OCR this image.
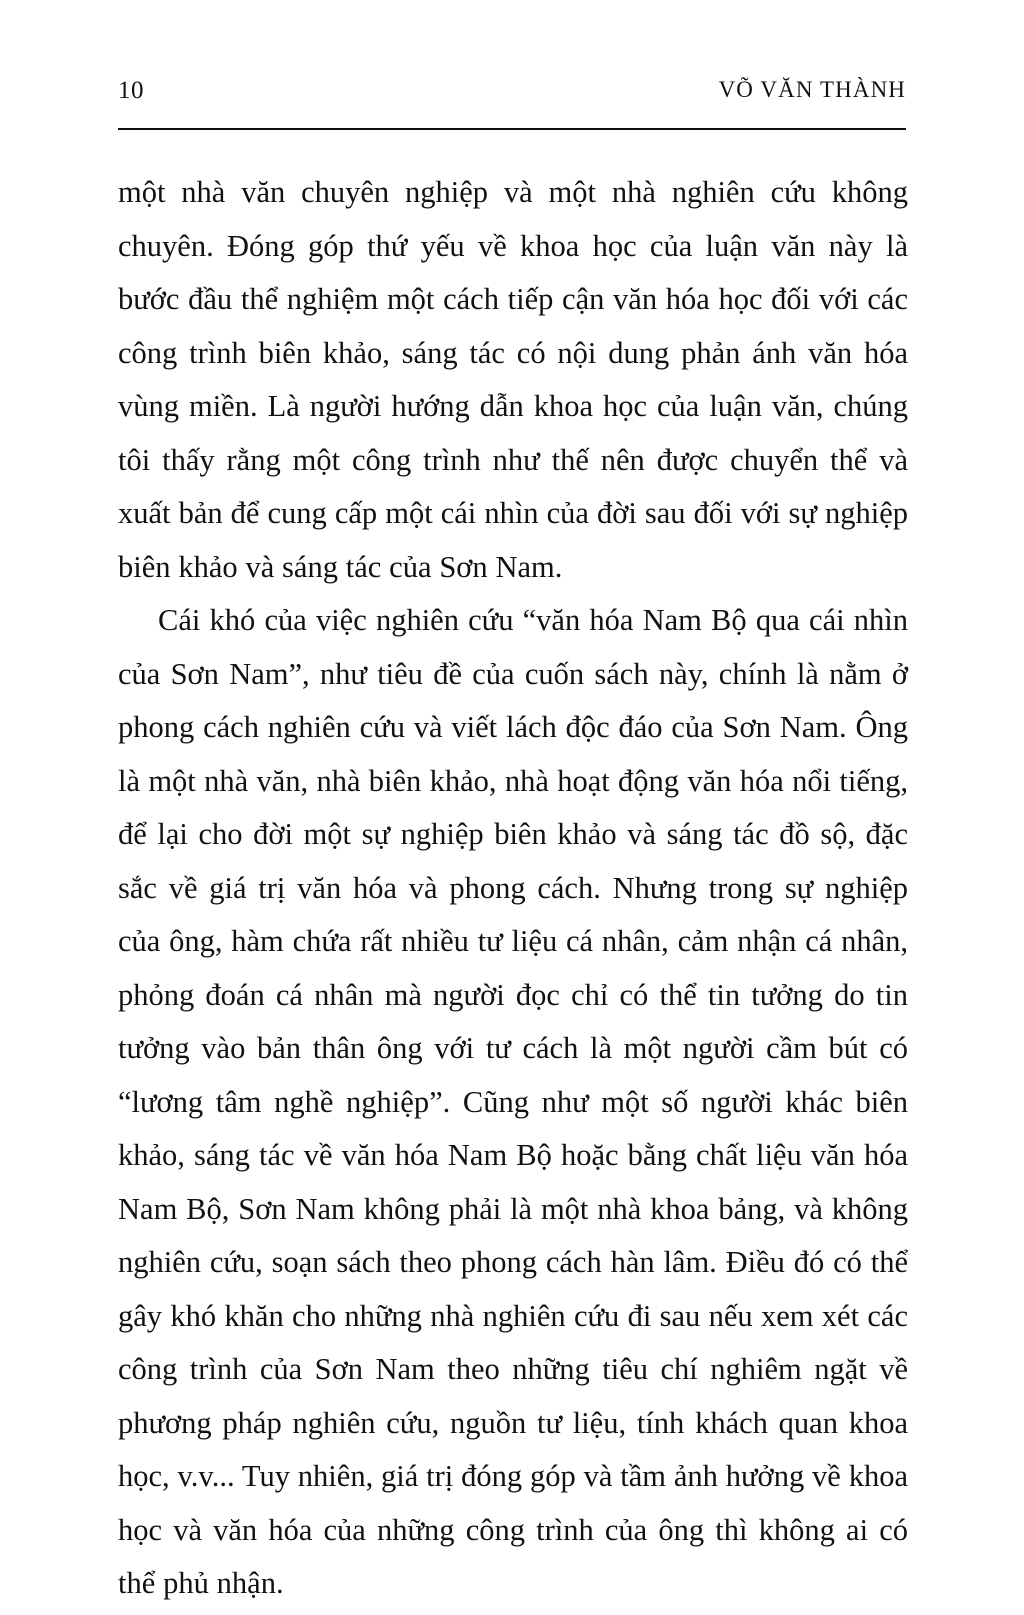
10	VÕ VĂN THÀNH

một nhà văn chuyên nghiệp và một nhà nghiên cứu không chuyên. Đóng góp thứ yếu về khoa học của luận văn này là bước đầu thể nghiệm một cách tiếp cận văn hóa học đối với các công trình biên khảo, sáng tác có nội dung phản ánh văn hóa vùng miền. Là người hướng dẫn khoa học của luận văn, chúng tôi thấy rằng một công trình như thế nên được chuyển thể và xuất bản để cung cấp một cái nhìn của đời sau đối với sự nghiệp biên khảo và sáng tác của Sơn Nam.

Cái khó của việc nghiên cứu “văn hóa Nam Bộ qua cái nhìn của Sơn Nam”, như tiêu đề của cuốn sách này, chính là nằm ở phong cách nghiên cứu và viết lách độc đáo của Sơn Nam. Ông là một nhà văn, nhà biên khảo, nhà hoạt động văn hóa nổi tiếng, để lại cho đời một sự nghiệp biên khảo và sáng tác đồ sộ, đặc sắc về giá trị văn hóa và phong cách. Nhưng trong sự nghiệp của ông, hàm chứa rất nhiều tư liệu cá nhân, cảm nhận cá nhân, phỏng đoán cá nhân mà người đọc chỉ có thể tin tưởng do tin tưởng vào bản thân ông với tư cách là một người cầm bút có “lương tâm nghề nghiệp”. Cũng như một số người khác biên khảo, sáng tác về văn hóa Nam Bộ hoặc bằng chất liệu văn hóa Nam Bộ, Sơn Nam không phải là một nhà khoa bảng, và không nghiên cứu, soạn sách theo phong cách hàn lâm. Điều đó có thể gây khó khăn cho những nhà nghiên cứu đi sau nếu xem xét các công trình của Sơn Nam theo những tiêu chí nghiêm ngặt về phương pháp nghiên cứu, nguồn tư liệu, tính khách quan khoa học, v.v... Tuy nhiên, giá trị đóng góp và tầm ảnh hưởng về khoa học và văn hóa của những công trình của ông thì không ai có thể phủ nhận.
